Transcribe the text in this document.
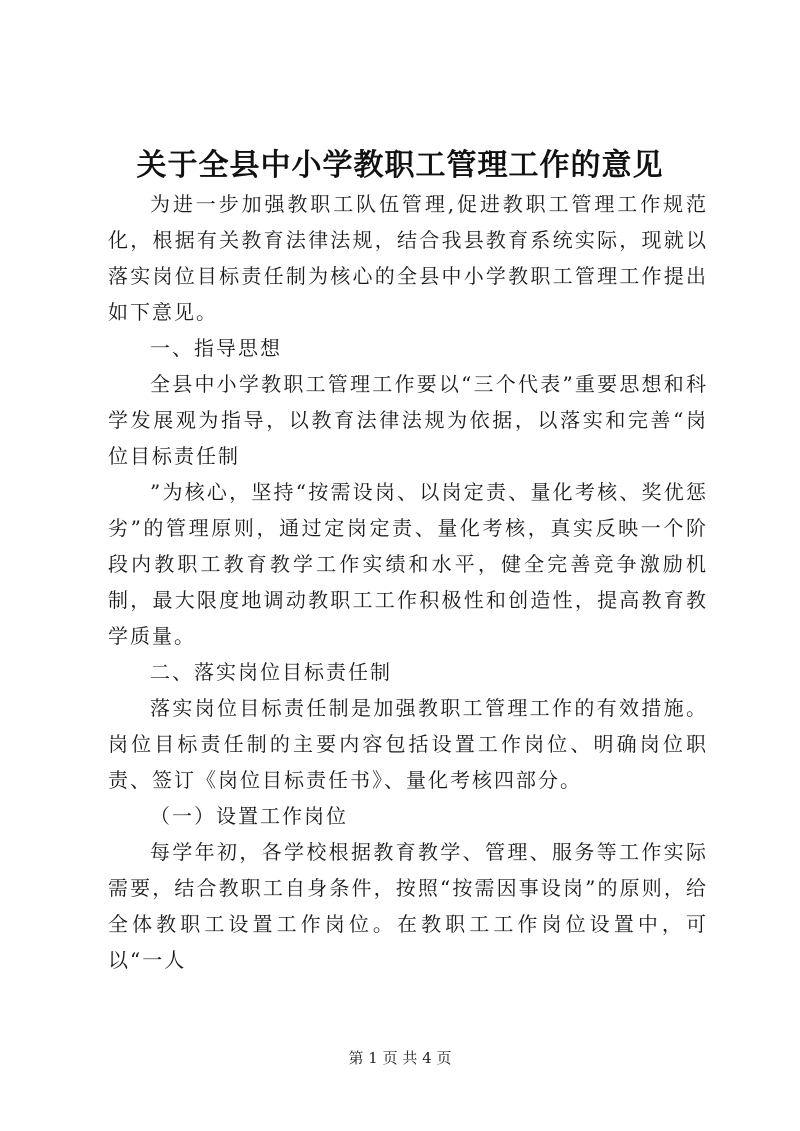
关于全县中小学教职工管理工作的意见

为进一步加强教职工队伍管理,促进教职工管理工作规范化，根据有关教育法律法规，结合我县教育系统实际，现就以落实岗位目标责任制为核心的全县中小学教职工管理工作提出如下意见。

一、指导思想

全县中小学教职工管理工作要以“三个代表”重要思想和科学发展观为指导，以教育法律法规为依据，以落实和完善“岗位目标责任制

”为核心，坚持“按需设岗、以岗定责、量化考核、奖优惩劣”的管理原则，通过定岗定责、量化考核，真实反映一个阶段内教职工教育教学工作实绩和水平，健全完善竞争激励机制，最大限度地调动教职工工作积极性和创造性，提高教育教学质量。

二、落实岗位目标责任制

落实岗位目标责任制是加强教职工管理工作的有效措施。岗位目标责任制的主要内容包括设置工作岗位、明确岗位职责、签订《岗位目标责任书》、量化考核四部分。

（一）设置工作岗位

每学年初，各学校根据教育教学、管理、服务等工作实际需要，结合教职工自身条件，按照“按需因事设岗”的原则，给全体教职工设置工作岗位。在教职工工作岗位设置中，可以“一人

第 1 页 共 4 页
